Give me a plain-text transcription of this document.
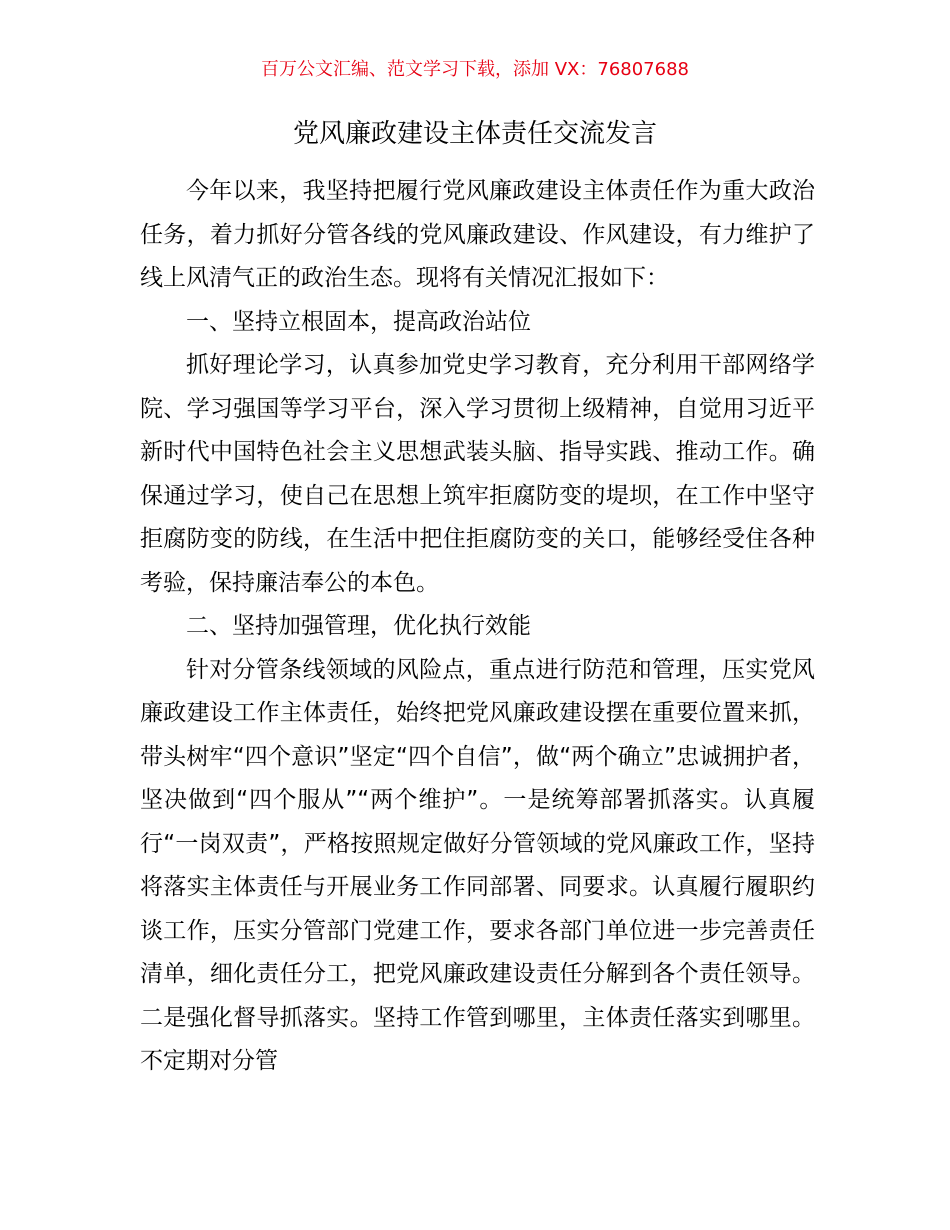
百万公文汇编、范文学习下载，添加 VX：76807688
党风廉政建设主体责任交流发言

今年以来，我坚持把履行党风廉政建设主体责任作为重大政治任务，着力抓好分管各线的党风廉政建设、作风建设，有力维护了线上风清气正的政治生态。现将有关情况汇报如下：

一、坚持立根固本，提高政治站位

抓好理论学习，认真参加党史学习教育，充分利用干部网络学院、学习强国等学习平台，深入学习贯彻上级精神，自觉用习近平新时代中国特色社会主义思想武装头脑、指导实践、推动工作。确保通过学习，使自己在思想上筑牢拒腐防变的堤坝，在工作中坚守拒腐防变的防线，在生活中把住拒腐防变的关口，能够经受住各种考验，保持廉洁奉公的本色。

二、坚持加强管理，优化执行效能

针对分管条线领域的风险点，重点进行防范和管理，压实党风廉政建设工作主体责任，始终把党风廉政建设摆在重要位置来抓，带头树牢“四个意识”坚定“四个自信”，做“两个确立”忠诚拥护者，坚决做到“四个服从”“两个维护”。一是统筹部署抓落实。认真履行“一岗双责”，严格按照规定做好分管领域的党风廉政工作，坚持将落实主体责任与开展业务工作同部署、同要求。认真履行履职约谈工作，压实分管部门党建工作，要求各部门单位进一步完善责任清单，细化责任分工，把党风廉政建设责任分解到各个责任领导。二是强化督导抓落实。坚持工作管到哪里，主体责任落实到哪里。不定期对分管
